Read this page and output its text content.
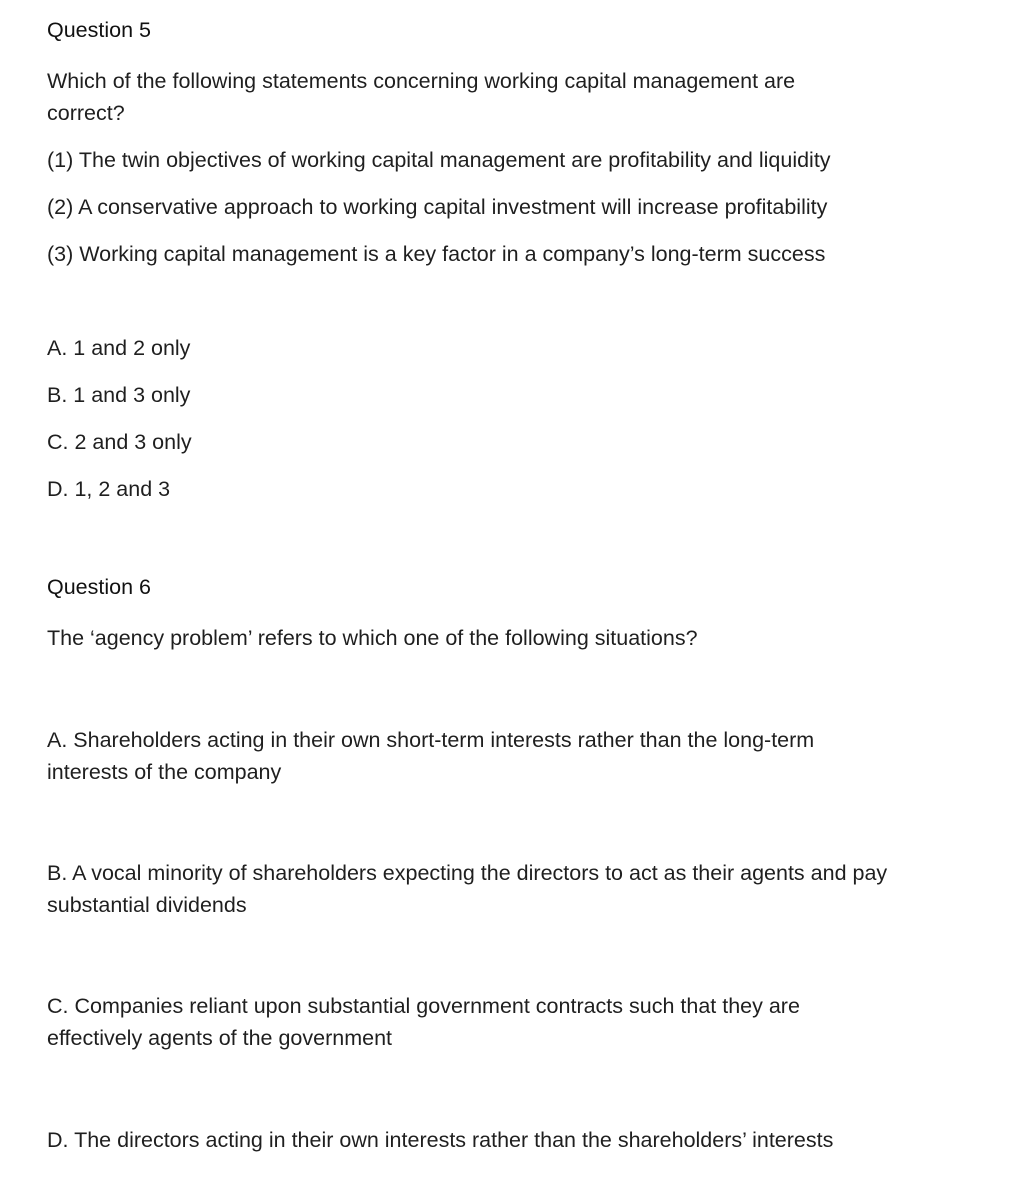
Question 5
Which of the following statements concerning working capital management are correct?
(1) The twin objectives of working capital management are profitability and liquidity
(2) A conservative approach to working capital investment will increase profitability
(3) Working capital management is a key factor in a company’s long-term success
A. 1 and 2 only
B. 1 and 3 only
C. 2 and 3 only
D. 1, 2 and 3
Question 6
The ‘agency problem’ refers to which one of the following situations?
A. Shareholders acting in their own short-term interests rather than the long-term interests of the company
B. A vocal minority of shareholders expecting the directors to act as their agents and pay substantial dividends
C. Companies reliant upon substantial government contracts such that they are effectively agents of the government
D. The directors acting in their own interests rather than the shareholders’ interests
